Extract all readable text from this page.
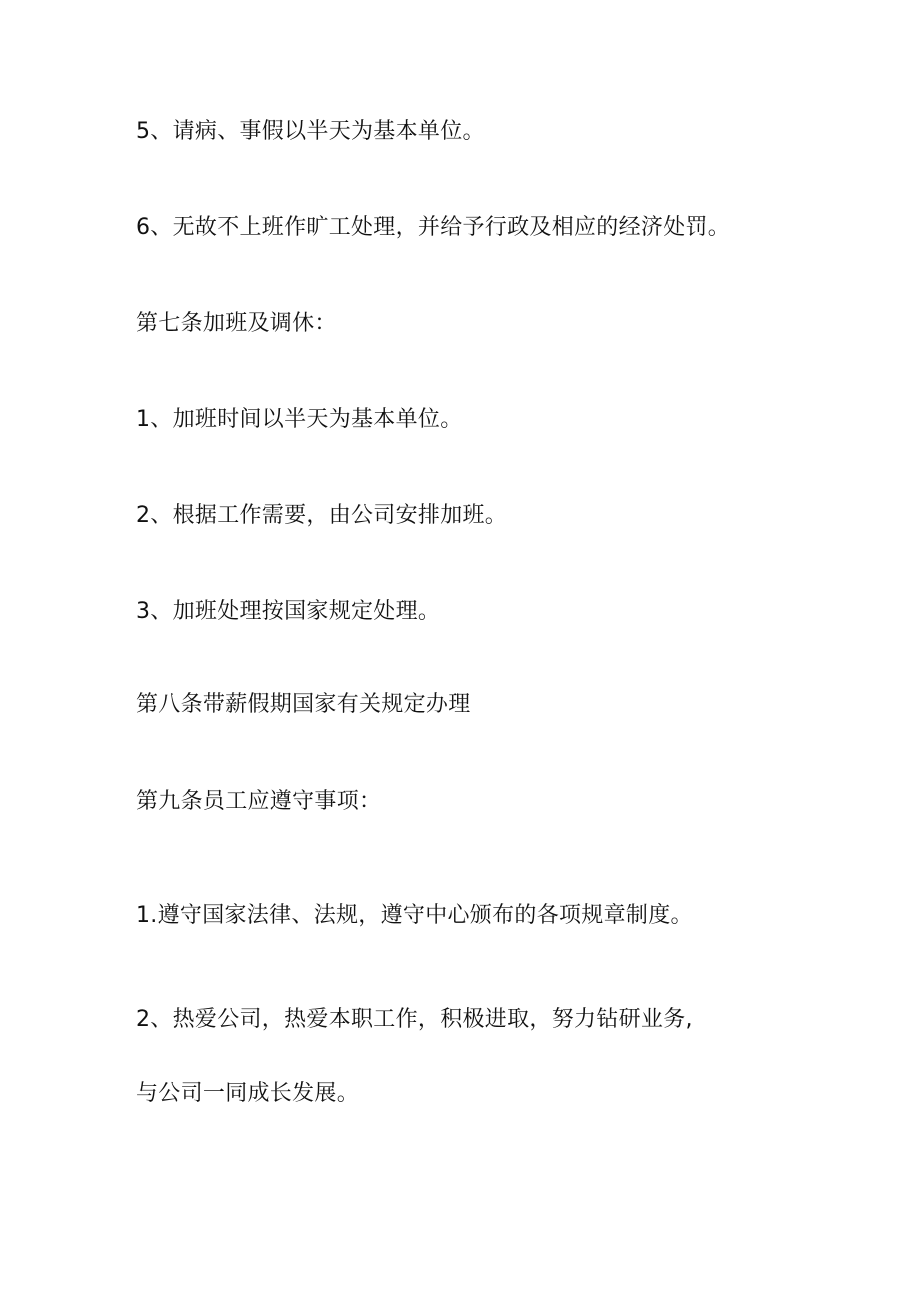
5、请病、事假以半天为基本单位。

6、无故不上班作旷工处理，并给予行政及相应的经济处罚。

第七条加班及调休：

1、加班时间以半天为基本单位。

2、根据工作需要，由公司安排加班。

3、加班处理按国家规定处理。

第八条带薪假期国家有关规定办理

第九条员工应遵守事项：

1.遵守国家法律、法规，遵守中心颁布的各项规章制度。

2、热爱公司，热爱本职工作，积极进取，努力钻研业务,

与公司一同成长发展。
